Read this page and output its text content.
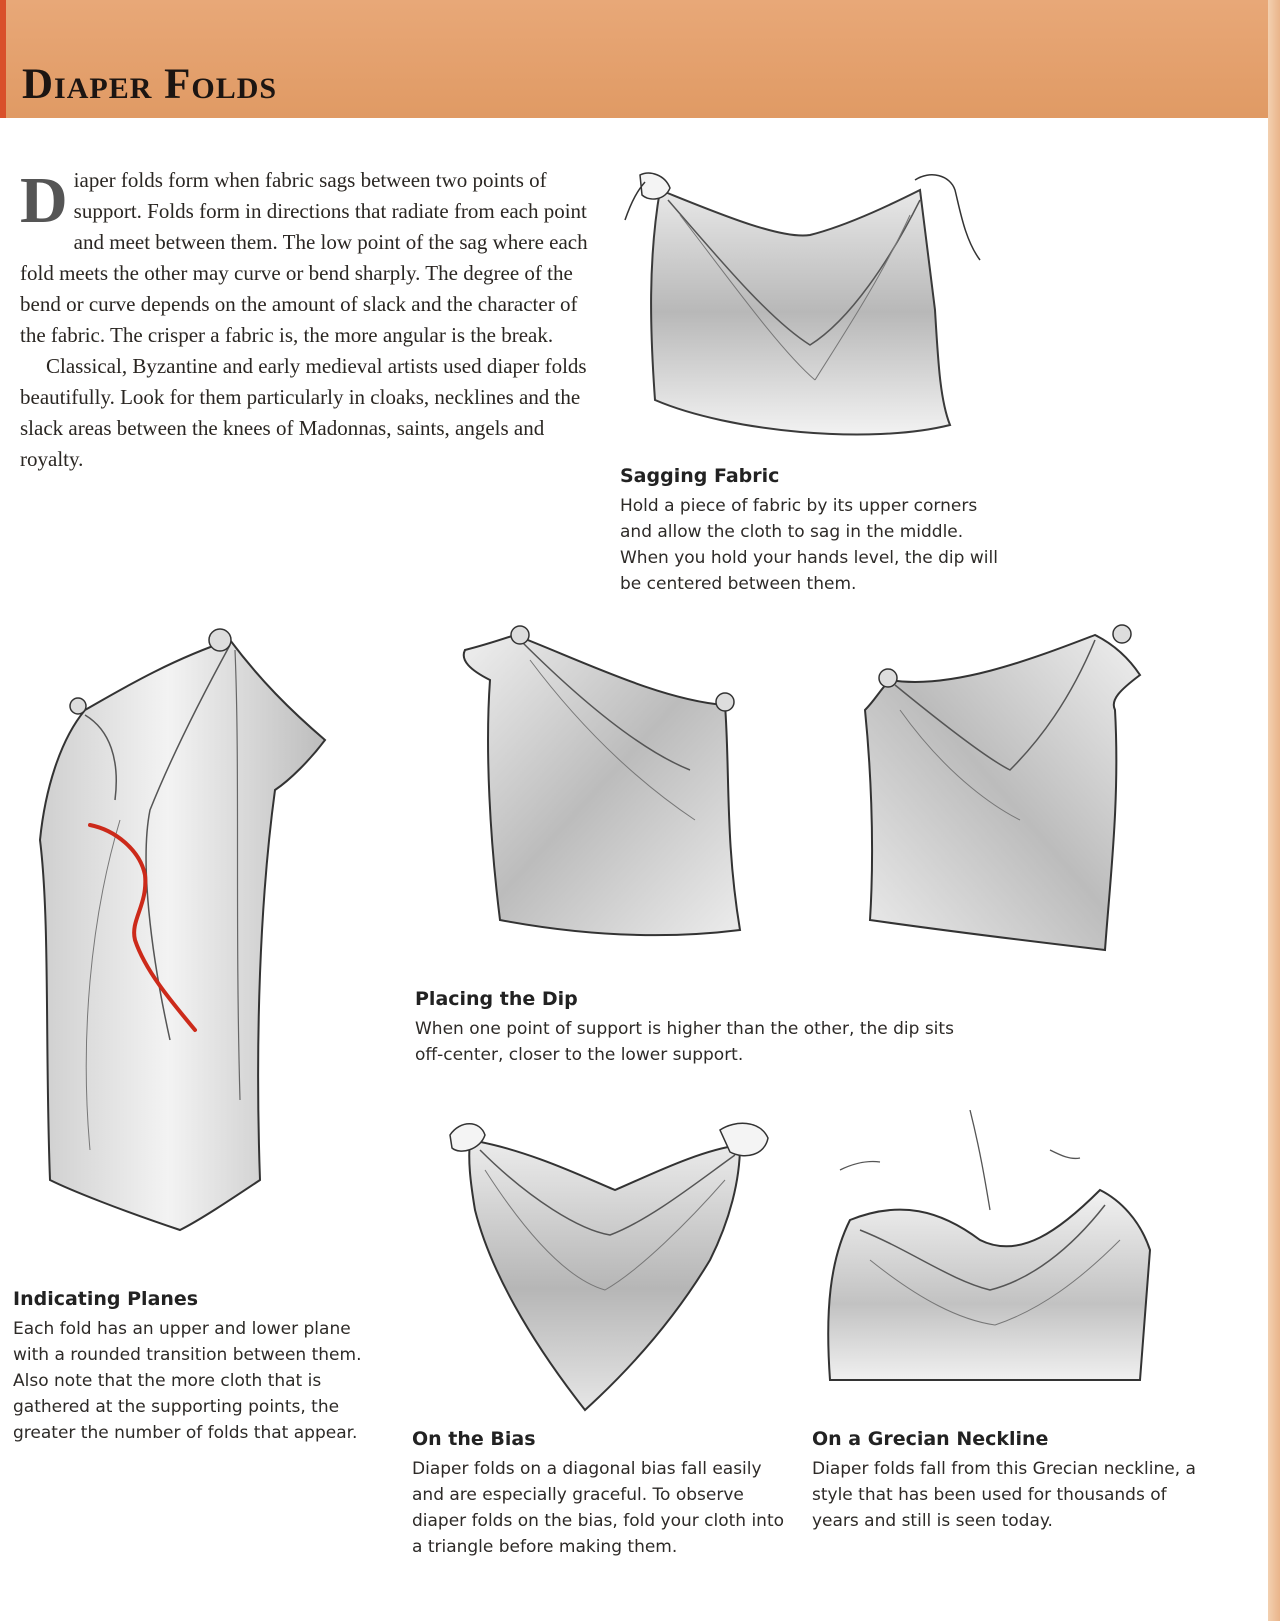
Diaper Folds

Diaper folds form when fabric sags between two points of support. Folds form in directions that radiate from each point and meet between them. The low point of the sag where each fold meets the other may curve or bend sharply. The degree of the bend or curve depends on the amount of slack and the character of the fabric. The crisper a fabric is, the more angular is the break.

Classical, Byzantine and early medieval artists used diaper folds beautifully. Look for them particularly in cloaks, necklines and the slack areas between the knees of Madonnas, saints, angels and royalty.

Sagging Fabric
Hold a piece of fabric by its upper corners and allow the cloth to sag in the middle. When you hold your hands level, the dip will be centered between them.
Indicating Planes
Each fold has an upper and lower plane with a rounded transition between them. Also note that the more cloth that is gathered at the supporting points, the greater the number of folds that appear.
Placing the Dip
When one point of support is higher than the other, the dip sits off-center, closer to the lower support.
On the Bias
Diaper folds on a diagonal bias fall easily and are especially graceful. To observe diaper folds on the bias, fold your cloth into a triangle before making them.
On a Grecian Neckline
Diaper folds fall from this Grecian neckline, a style that has been used for thousands of years and still is seen today.
